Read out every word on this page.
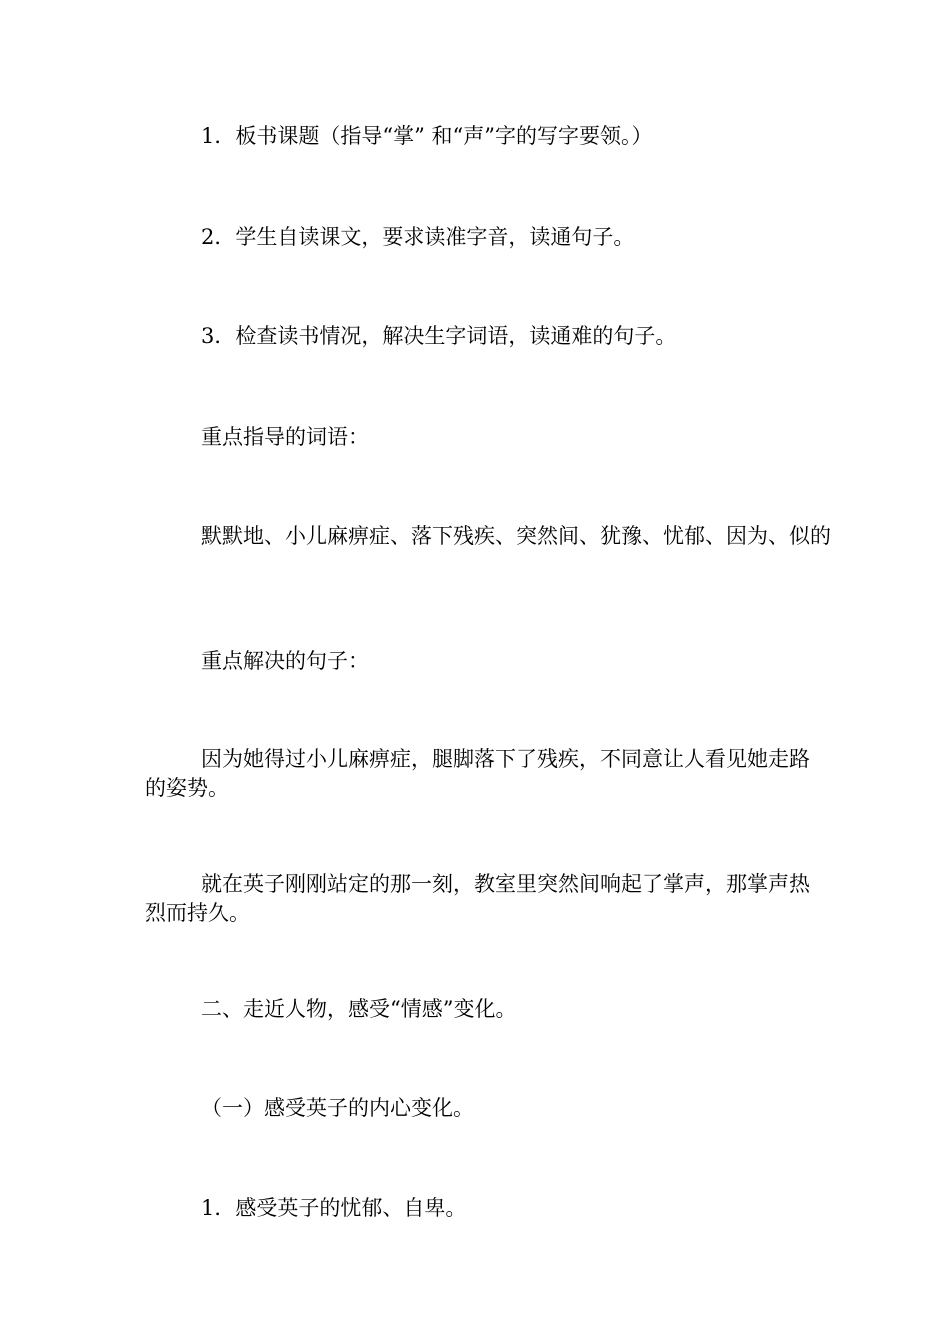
1．板书课题（指导“掌” 和“声”字的写字要领。）

2．学生自读课文，要求读准字音，读通句子。

3．检查读书情况，解决生字词语，读通难的句子。

重点指导的词语：

默默地、小儿麻痹症、落下残疾、突然间、犹豫、忧郁、因为、似的

重点解决的句子：

因为她得过小儿麻痹症，腿脚落下了残疾，不同意让人看见她走路的姿势。

就在英子刚刚站定的那一刻，教室里突然间响起了掌声，那掌声热烈而持久。

二、走近人物，感受“情感”变化。

（一）感受英子的内心变化。

1．感受英子的忧郁、自卑。
